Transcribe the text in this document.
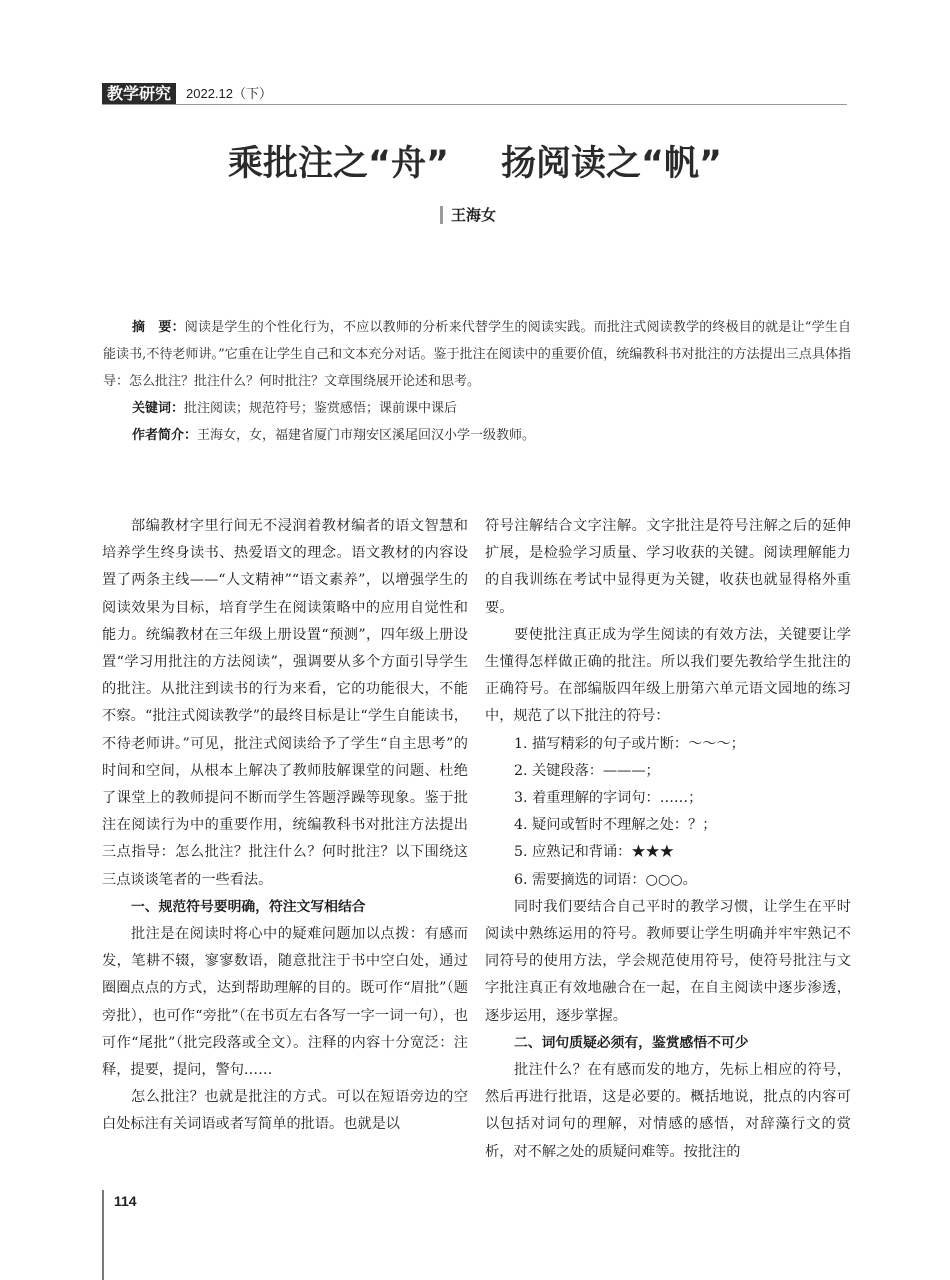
教学研究	2022.12（下）
乘批注之“舟” 扬阅读之“帆”
王海女

摘　要：阅读是学生的个性化行为，不应以教师的分析来代替学生的阅读实践。而批注式阅读教学的终极目的就是让“学生自能读书,不待老师讲。”它重在让学生自己和文本充分对话。鉴于批注在阅读中的重要价值，统编教科书对批注的方法提出三点具体指导：怎么批注？批注什么？何时批注？文章围绕展开论述和思考。

关键词：批注阅读；规范符号；鉴赏感悟；课前课中课后

作者简介：王海女，女，福建省厦门市翔安区溪尾回汉小学一级教师。

部编教材字里行间无不浸润着教材编者的语文智慧和培养学生终身读书、热爱语文的理念。语文教材的内容设置了两条主线——“人文精神”“语文素养”，以增强学生的阅读效果为目标，培育学生在阅读策略中的应用自觉性和能力。统编教材在三年级上册设置“预测”，四年级上册设置“学习用批注的方法阅读”，强调要从多个方面引导学生的批注。从批注到读书的行为来看，它的功能很大，不能不察。“批注式阅读教学”的最终目标是让“学生自能读书，不待老师讲。”可见，批注式阅读给予了学生“自主思考”的时间和空间，从根本上解决了教师肢解课堂的问题、杜绝了课堂上的教师提问不断而学生答题浮躁等现象。鉴于批注在阅读行为中的重要作用，统编教科书对批注方法提出三点指导：怎么批注？批注什么？何时批注？以下围绕这三点谈谈笔者的一些看法。

一、规范符号要明确，符注文写相结合

批注是在阅读时将心中的疑难问题加以点拨：有感而发，笔耕不辍，寥寥数语，随意批注于书中空白处，通过圈圈点点的方式，达到帮助理解的目的。既可作“眉批”（题旁批），也可作“旁批”（在书页左右各写一字一词一句），也可作“尾批”（批完段落或全文）。注释的内容十分宽泛：注释，提要，提问，警句……

怎么批注？也就是批注的方式。可以在短语旁边的空白处标注有关词语或者写简单的批语。也就是以

符号注解结合文字注解。文字批注是符号注解之后的延伸扩展，是检验学习质量、学习收获的关键。阅读理解能力的自我训练在考试中显得更为关键，收获也就显得格外重要。

要使批注真正成为学生阅读的有效方法，关键要让学生懂得怎样做正确的批注。所以我们要先教给学生批注的正确符号。在部编版四年级上册第六单元语文园地的练习中，规范了以下批注的符号：

1. 描写精彩的句子或片断：～～～；

2. 关键段落：———；

3. 着重理解的字词句：……；

4. 疑问或暂时不理解之处：？；

5. 应熟记和背诵：★★★

6. 需要摘选的词语：○○○。

同时我们要结合自己平时的教学习惯，让学生在平时阅读中熟练运用的符号。教师要让学生明确并牢牢熟记不同符号的使用方法，学会规范使用符号，使符号批注与文字批注真正有效地融合在一起，在自主阅读中逐步渗透，逐步运用，逐步掌握。

二、词句质疑必须有，鉴赏感悟不可少

批注什么？在有感而发的地方，先标上相应的符号，然后再进行批语，这是必要的。概括地说，批点的内容可以包括对词句的理解，对情感的感悟，对辞藻行文的赏析，对不解之处的质疑问难等。按批注的

114
